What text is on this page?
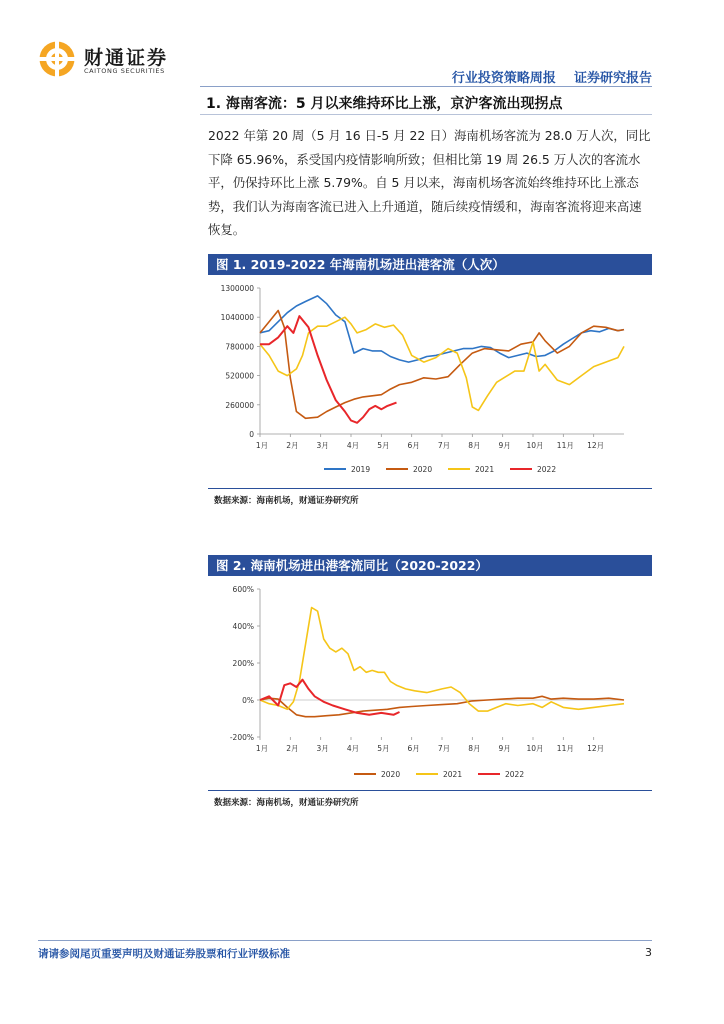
财通证券
CAITONG SECURITIES	行业投资策略周报    证券研究报告
1. 海南客流：5 月以来维持环比上涨，京沪客流出现拐点
2022 年第 20 周（5 月 16 日-5 月 22 日）海南机场客流为 28.0 万人次，同比下降 65.96%，系受国内疫情影响所致；但相比第 19 周 26.5 万人次的客流水平，仍保持环比上涨 5.79%。自 5 月以来，海南机场客流始终维持环比上涨态势，我们认为海南客流已进入上升通道，随后续疫情缓和，海南客流将迎来高速恢复。
图 1. 2019-2022 年海南机场进出港客流（人次）
0
260000
520000
780000
1040000
1300000
1月 2月 3月 4月 5月 6月 7月 8月 9月 10月 11月 12月
2019	2020	2021	2022
数据来源：海南机场，财通证券研究所
图 2. 海南机场进出港客流同比（2020-2022）
-200%
0%
200%
400%
600%
1月 2月 3月 4月 5月 6月 7月 8月 9月 10月 11月 12月
2020	2021	2022
数据来源：海南机场，财通证券研究所
请请参阅尾页重要声明及财通证券股票和行业评级标准	3
